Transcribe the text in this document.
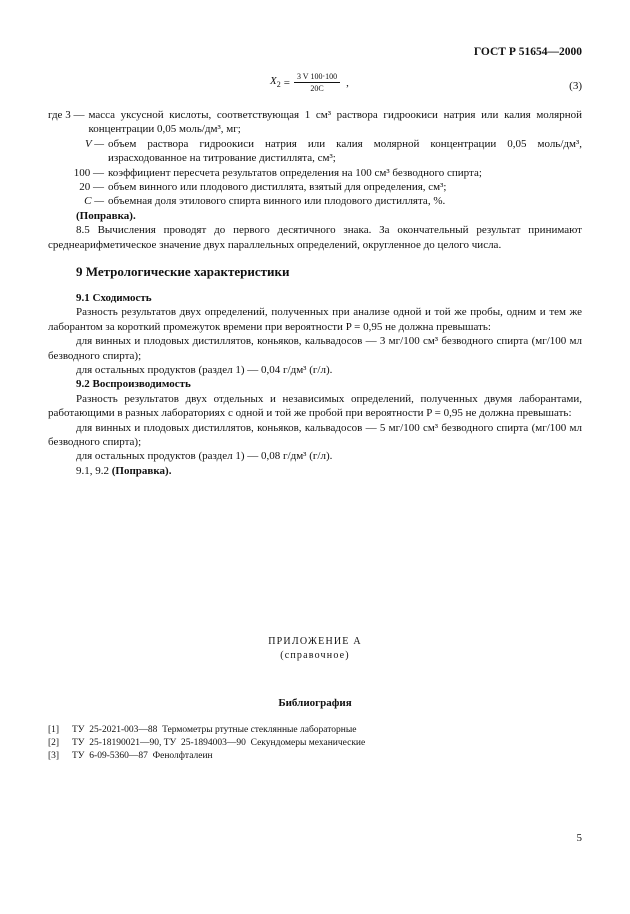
ГОСТ Р 51654—2000
$X_2 = \frac{3 V 100\cdot 100}{20C}$ ,	(3)
где 3 — масса уксусной кислоты, соответствующая 1 см³ раствора гидроокиси натрия или калия молярной концентрации 0,05 моль/дм³, мг;
V — объем раствора гидроокиси натрия или калия молярной концентрации 0,05 моль/дм³, израсходованное на титрование дистиллята, см³;
100 — коэффициент пересчета результатов определения на 100 см³ безводного спирта;
20 — объем винного или плодового дистиллята, взятый для определения, см³;
C — объемная доля этилового спирта винного или плодового дистиллята, %.

(Поправка).

8.5 Вычисления проводят до первого десятичного знака. За окончательный результат принимают среднеарифметическое значение двух параллельных определений, округленное до целого числа.

9 Метрологические характеристики

9.1 Сходимость

Разность результатов двух определений, полученных при анализе одной и той же пробы, одним и тем же лаборантом за короткий промежуток времени при вероятности P = 0,95 не должна превышать:

для винных и плодовых дистиллятов, коньяков, кальвадосов — 3 мг/100 см³ безводного спирта (мг/100 мл безводного спирта);

для остальных продуктов (раздел 1) — 0,04 г/дм³ (г/л).

9.2 Воспроизводимость

Разность результатов двух отдельных и независимых определений, полученных двумя лаборантами, работающими в разных лабораториях с одной и той же пробой при вероятности P = 0,95 не должна превышать:

для винных и плодовых дистиллятов, коньяков, кальвадосов — 5 мг/100 см³ безводного спирта (мг/100 мл безводного спирта);

для остальных продуктов (раздел 1) — 0,08 г/дм³ (г/л).

9.1, 9.2 (Поправка).

ПРИЛОЖЕНИЕ А
(справочное)
Библиография
[1]	ТУ  25-2021-003—88  Термометры ртутные стеклянные лабораторные
[2]	ТУ  25-18190021—90, ТУ  25-1894003—90  Секундомеры механические
[3]	ТУ  6-09-5360—87  Фенолфталеин
5
